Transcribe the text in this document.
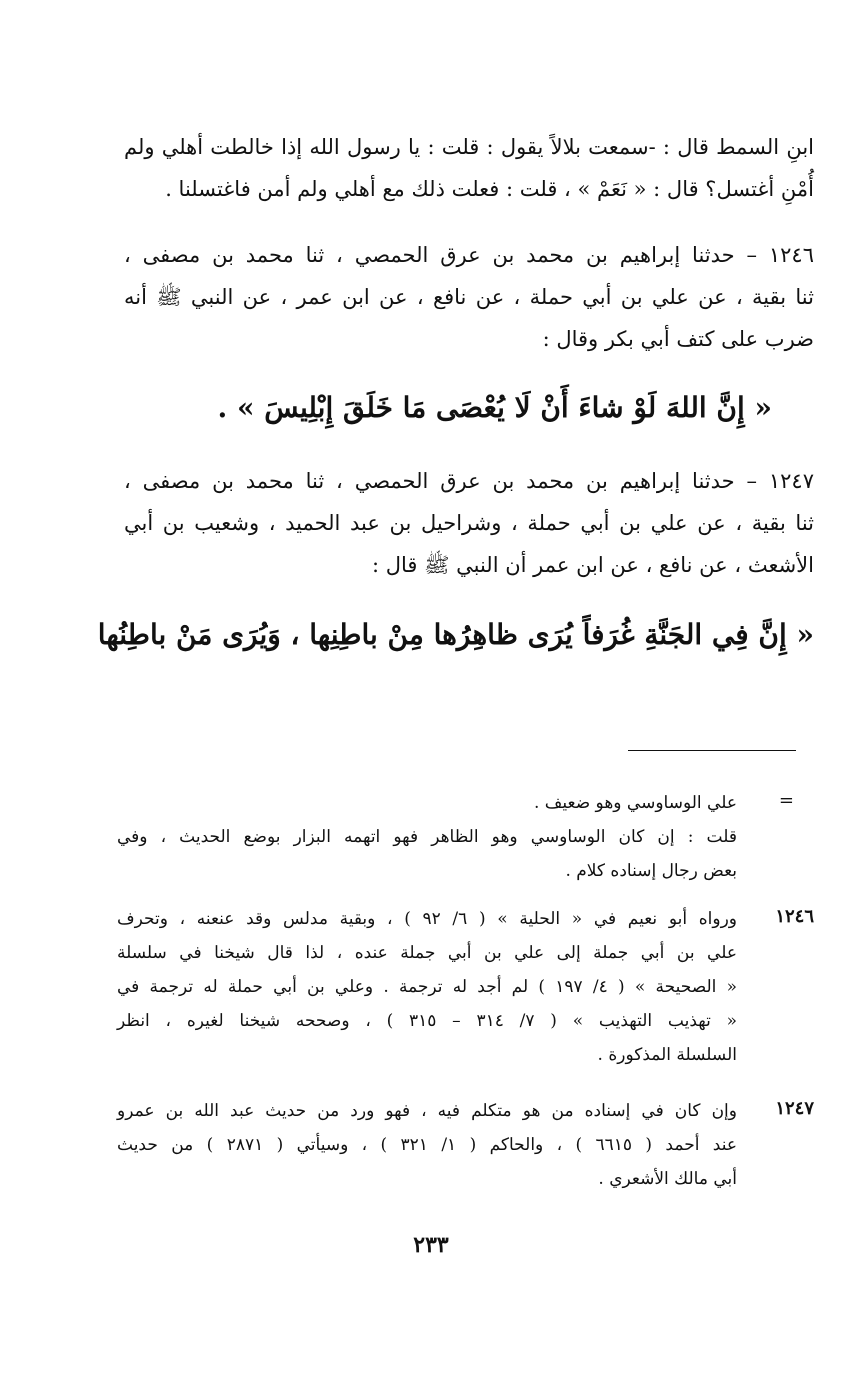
ابنِ السمط قال : ‑سمعت بلالاً يقول : قلت : يا رسول الله إذا خالطت أهلي ولم
أُمْنِ أغتسل؟ قال : « نَعَمْ » ، قلت : فعلت ذلك مع أهلي ولم أمن فاغتسلنا .
١٢٤٦ – حدثنا إبراهيم بن محمد بن عرق الحمصي ، ثنا محمد بن مصفى ،
ثنا بقية ، عن علي بن أبي حملة ، عن نافع ، عن ابن عمر ، عن النبي ﷺ أنه
ضرب على كتف أبي بكر وقال :
« إِنَّ اللهَ لَوْ شاءَ أَنْ لَا يُعْصَى مَا خَلَقَ إِبْلِيسَ » .
١٢٤٧ – حدثنا إبراهيم بن محمد بن عرق الحمصي ، ثنا محمد بن مصفى ،
ثنا بقية ، عن علي بن أبي حملة ، وشراحيل بن عبد الحميد ، وشعيب بن أبي
الأشعث ، عن نافع ، عن ابن عمر أن النبي ﷺ قال :
« إِنَّ فِي الجَنَّةِ غُرَفاً يُرَى ظاهِرُها مِنْ باطِنِها ، وَيُرَى مَنْ باطِنُها
=
علي الوساوسي وهو ضعيف .
قلت : إن كان الوساوسي وهو الظاهر فهو اتهمه البزار بوضع الحديث ، وفي
بعض رجال إسناده كلام .
١٢٤٦
ورواه أبو نعيم في « الحلية » ( ٦/ ٩٢ ) ، وبقية مدلس وقد عنعنه ، وتحرف
علي بن أبي جملة إلى علي بن أبي جملة عنده ، لذا قال شيخنا في سلسلة
« الصحيحة » ( ٤/ ١٩٧ ) لم أجد له ترجمة . وعلي بن أبي حملة له ترجمة في
« تهذيب التهذيب » ( ٧/ ٣١٤ – ٣١٥ ) ، وصححه شيخنا لغيره ، انظر
السلسلة المذكورة .
١٢٤٧
وإن كان في إسناده من هو متكلم فيه ، فهو ورد من حديث عبد الله بن عمرو
عند أحمد ( ٦٦١٥ ) ، والحاكم ( ١/ ٣٢١ ) ، وسيأتي ( ٢٨٧١ ) من حديث
أبي مالك الأشعري .
٢٣٣
